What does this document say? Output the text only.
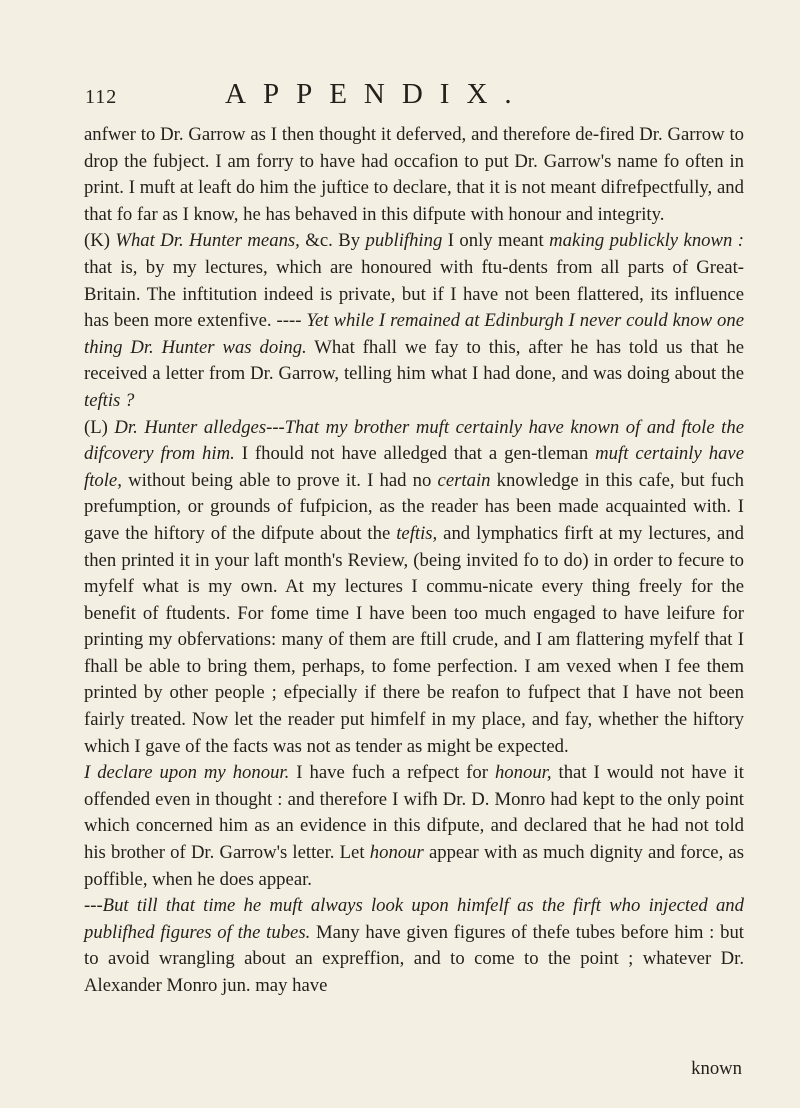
112	APPENDIX.

anfwer to Dr. Garrow as I then thought it deferved, and therefore de-fired Dr. Garrow to drop the fubject. I am forry to have had occafion to put Dr. Garrow's name fo often in print. I muft at leaft do him the juftice to declare, that it is not meant difrefpectfully, and that fo far as I know, he has behaved in this difpute with honour and integrity.

(K) What Dr. Hunter means, &c. By publifhing I only meant making publickly known : that is, by my lectures, which are honoured with ftu-dents from all parts of Great-Britain. The inftitution indeed is private, but if I have not been flattered, its influence has been more extenfive. ---- Yet while I remained at Edinburgh I never could know one thing Dr. Hunter was doing. What fhall we fay to this, after he has told us that he received a letter from Dr. Garrow, telling him what I had done, and was doing about the teftis ?

(L) Dr. Hunter alledges---That my brother muft certainly have known of and ftole the difcovery from him. I fhould not have alledged that a gen-tleman muft certainly have ftole, without being able to prove it. I had no certain knowledge in this cafe, but fuch prefumption, or grounds of fufpicion, as the reader has been made acquainted with. I gave the hiftory of the difpute about the teftis, and lymphatics firft at my lectures, and then printed it in your laft month's Review, (being invited fo to do) in order to fecure to myfelf what is my own. At my lectures I commu-nicate every thing freely for the benefit of ftudents. For fome time I have been too much engaged to have leifure for printing my obfervations: many of them are ftill crude, and I am flattering myfelf that I fhall be able to bring them, perhaps, to fome perfection. I am vexed when I fee them printed by other people ; efpecially if there be reafon to fufpect that I have not been fairly treated. Now let the reader put himfelf in my place, and fay, whether the hiftory which I gave of the facts was not as tender as might be expected.

I declare upon my honour. I have fuch a refpect for honour, that I would not have it offended even in thought : and therefore I wifh Dr. D. Monro had kept to the only point which concerned him as an evidence in this difpute, and declared that he had not told his brother of Dr. Garrow's letter. Let honour appear with as much dignity and force, as poffible, when he does appear.

---But till that time he muft always look upon himfelf as the firft who injected and publifhed figures of the tubes. Many have given figures of thefe tubes before him : but to avoid wrangling about an expreffion, and to come to the point ; whatever Dr. Alexander Monro jun. may have

known
